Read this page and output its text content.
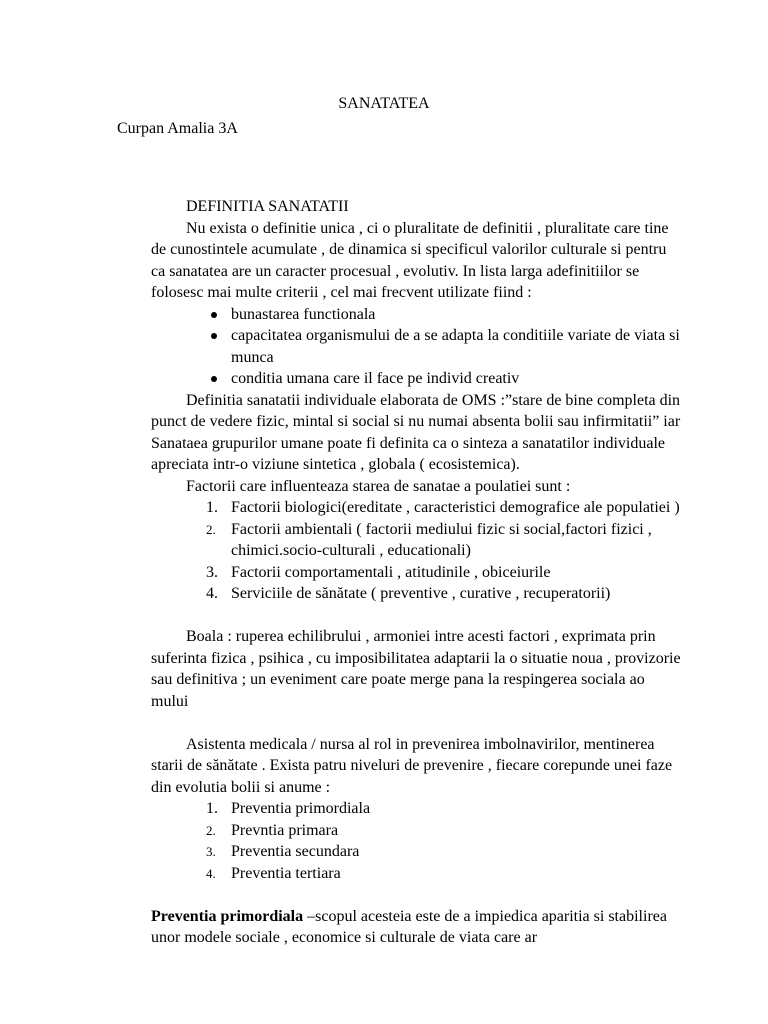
SANATATEA
Curpan Amalia 3A

DEFINITIA SANATATII

Nu exista o definitie unica , ci o pluralitate de definitii , pluralitate care tine de cunostintele acumulate , de dinamica si specificul valorilor culturale si pentru ca sanatatea are un caracter procesual , evolutiv. In lista larga adefinitiilor se folosesc mai multe criterii , cel mai frecvent utilizate fiind :

bunastarea functionala
capacitatea organismului de a se adapta la conditiile variate de viata si munca
conditia umana care il face pe individ creativ

Definitia sanatatii individuale elaborata de OMS :”stare de bine completa din punct de vedere fizic, mintal si social si nu numai absenta bolii sau infirmitatii” iar Sanataea grupurilor umane poate fi definita ca o sinteza a sanatatilor individuale apreciata intr-o viziune sintetica , globala ( ecosistemica).

Factorii care influenteaza starea de sanatae a poulatiei sunt :

1. Factorii biologici(ereditate , caracteristici demografice ale populatiei )
2. Factorii ambientali ( factorii mediului fizic si social,factori fizici , chimici.socio-culturali , educationali)
3. Factorii comportamentali , atitudinile , obiceiurile
4. Serviciile de sănătate ( preventive , curative , recuperatorii)

Boala : ruperea echilibrului , armoniei intre acesti factori , exprimata prin suferinta fizica , psihica , cu imposibilitatea adaptarii la o situatie noua , provizorie sau definitiva ; un eveniment care poate merge pana la respingerea sociala ao mului

Asistenta medicala / nursa al rol in prevenirea imbolnavirilor, mentinerea starii de sănătate . Exista patru niveluri de prevenire , fiecare corepunde unei faze din evolutia bolii si anume :

1. Preventia primordiala
2. Prevntia primara
3. Preventia secundara
4. Preventia tertiara

Preventia primordiala –scopul acesteia este de a impiedica aparitia si stabilirea unor modele sociale , economice si culturale de viata care ar
